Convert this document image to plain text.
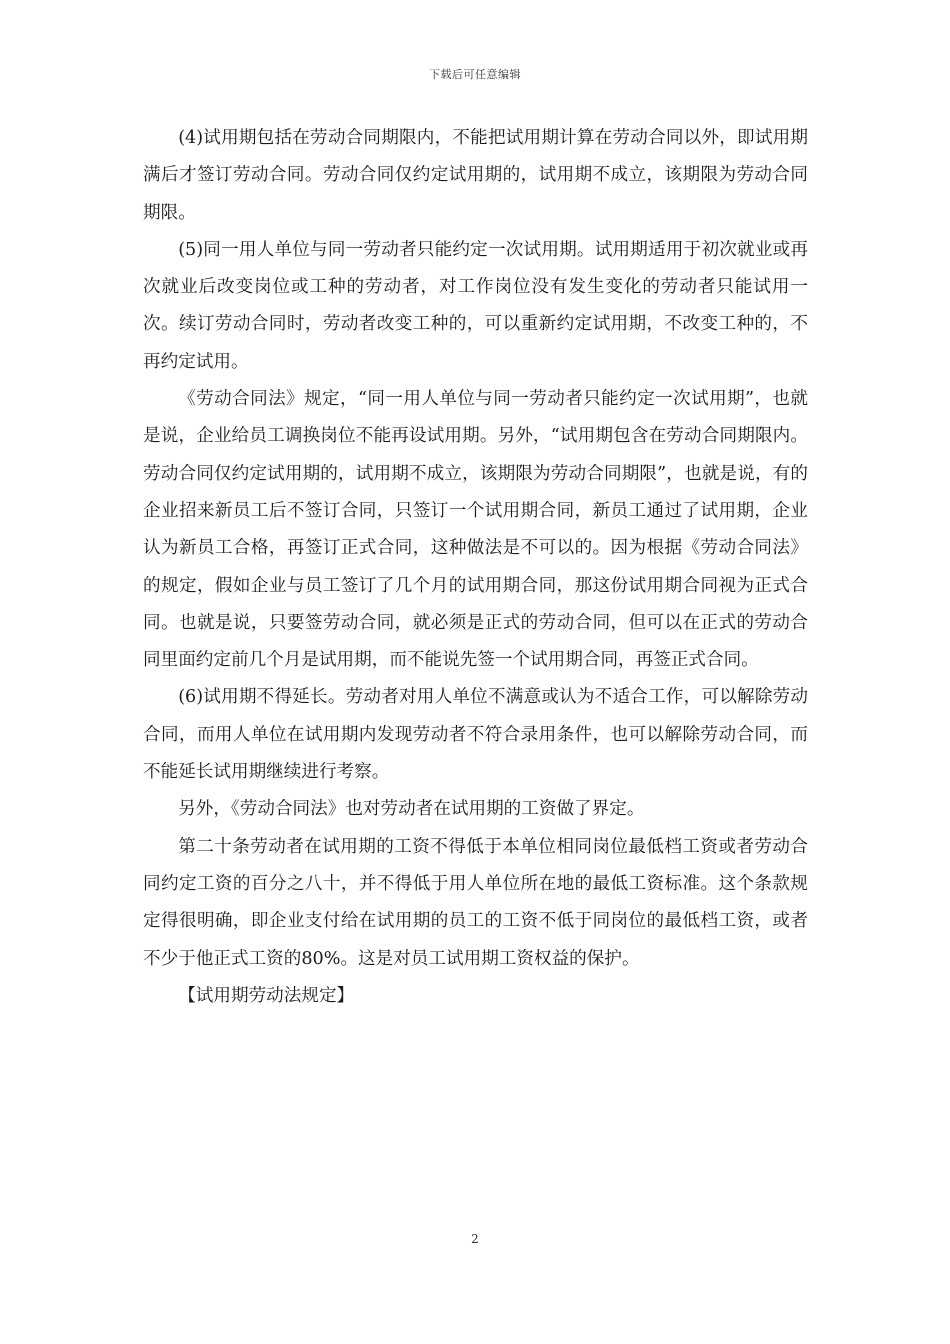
下载后可任意编辑

(4)试用期包括在劳动合同期限内，不能把试用期计算在劳动合同以外，即试用期满后才签订劳动合同。劳动合同仅约定试用期的，试用期不成立，该期限为劳动合同期限。

(5)同一用人单位与同一劳动者只能约定一次试用期。试用期适用于初次就业或再次就业后改变岗位或工种的劳动者，对工作岗位没有发生变化的劳动者只能试用一次。续订劳动合同时，劳动者改变工种的，可以重新约定试用期，不改变工种的，不再约定试用。

《劳动合同法》规定，“同一用人单位与同一劳动者只能约定一次试用期”，也就是说，企业给员工调换岗位不能再设试用期。另外，“试用期包含在劳动合同期限内。劳动合同仅约定试用期的，试用期不成立，该期限为劳动合同期限”，也就是说，有的企业招来新员工后不签订合同，只签订一个试用期合同，新员工通过了试用期，企业认为新员工合格，再签订正式合同，这种做法是不可以的。因为根据《劳动合同法》的规定，假如企业与员工签订了几个月的试用期合同，那这份试用期合同视为正式合同。也就是说，只要签劳动合同，就必须是正式的劳动合同，但可以在正式的劳动合同里面约定前几个月是试用期，而不能说先签一个试用期合同，再签正式合同。

(6)试用期不得延长。劳动者对用人单位不满意或认为不适合工作，可以解除劳动合同，而用人单位在试用期内发现劳动者不符合录用条件，也可以解除劳动合同，而不能延长试用期继续进行考察。

另外，《劳动合同法》也对劳动者在试用期的工资做了界定。

第二十条劳动者在试用期的工资不得低于本单位相同岗位最低档工资或者劳动合同约定工资的百分之八十，并不得低于用人单位所在地的最低工资标准。这个条款规定得很明确，即企业支付给在试用期的员工的工资不低于同岗位的最低档工资，或者不少于他正式工资的80%。这是对员工试用期工资权益的保护。

【试用期劳动法规定】

2
